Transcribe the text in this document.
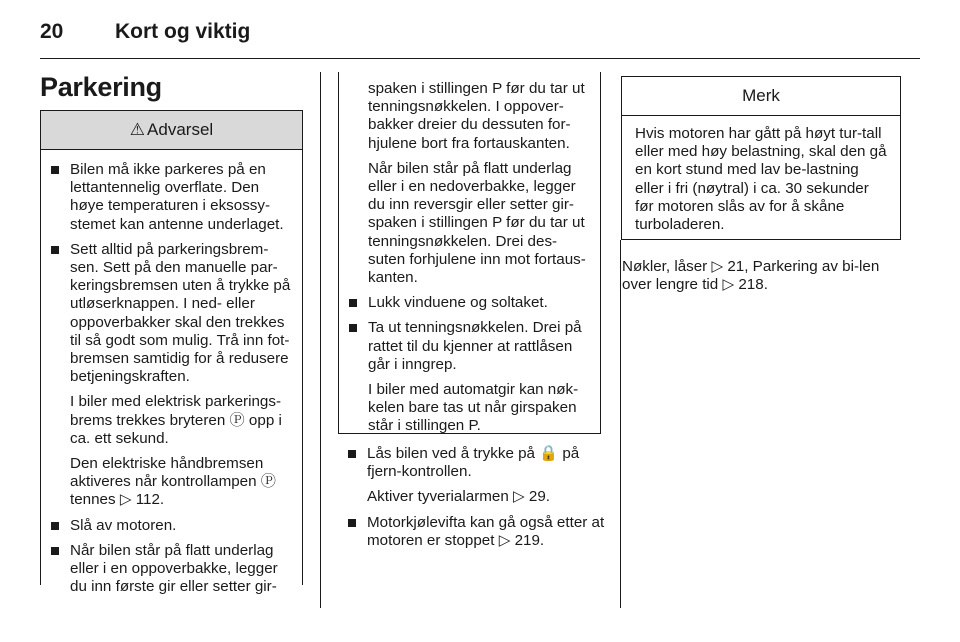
20 Kort og viktig
Parkering
⚠ Advarsel

Bilen må ikke parkeres på en lettantennelig overflate. Den høye temperaturen i eksossy-stemet kan antenne underlaget.

Sett alltid på parkeringsbrem-sen. Sett på den manuelle par-keringsbremsen uten å trykke på utløserknappen. I ned- eller oppoverbakker skal den trekkes til så godt som mulig. Trå inn fot-bremsen samtidig for å redusere betjeningskraften.

I biler med elektrisk parkerings-brems trekkes bryteren Ⓟ opp i ca. ett sekund.

Den elektriske håndbremsen aktiveres når kontrollampen Ⓟ tennes ▷ 112.

Slå av motoren.

Når bilen står på flatt underlag eller i en oppoverbakke, legger du inn første gir eller setter gir-

spaken i stillingen P før du tar ut tenningsnøkkelen. I oppover-bakker dreier du dessuten for-hjulene bort fra fortauskanten.

Når bilen står på flatt underlag eller i en nedoverbakke, legger du inn reversgir eller setter gir-spaken i stillingen P før du tar ut tenningsnøkkelen. Drei des-suten forhjulene inn mot fortaus-kanten.

Lukk vinduene og soltaket.

Ta ut tenningsnøkkelen. Drei på rattet til du kjenner at rattlåsen går i inngrep.

I biler med automatgir kan nøk-kelen bare tas ut når girspaken står i stillingen P.

Lås bilen ved å trykke på 🔒 på fjern-kontrollen.

Aktiver tyverialarmen ▷ 29.

Motorkjølevifta kan gå også etter at motoren er stoppet ▷ 219.

Merk
Hvis motoren har gått på høyt tur-tall eller med høy belastning, skal den gå en kort stund med lav be-lastning eller i fri (nøytral) i ca. 30 sekunder før motoren slås av for å skåne turboladeren.
Nøkler, låser ▷ 21, Parkering av bi-len over lengre tid ▷ 218.
